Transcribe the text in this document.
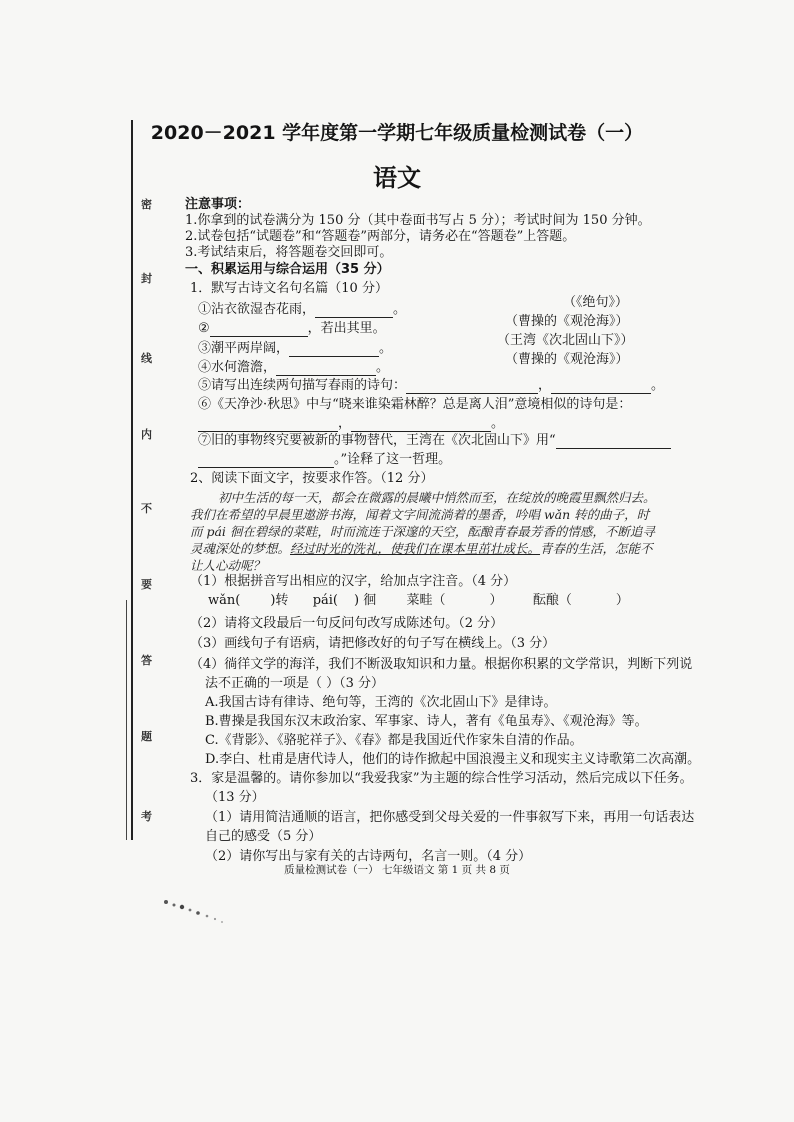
密
封
线
内
不
要
答
题
考
2020－2021 学年度第一学期七年级质量检测试卷（一）
语文
注意事项：
1.你拿到的试卷满分为 150 分（其中卷面书写占 5 分）；考试时间为 150 分钟。
2.试卷包括“试题卷”和“答题卷”两部分，请务必在“答题卷”上答题。
3.考试结束后，将答题卷交回即可。
一、积累运用与综合运用（35 分）
1．默写古诗文名句名篇（10 分）
①沾衣欲湿杏花雨，	。	（《绝句》）
②	，若出其里。	（曹操的《观沧海》）
③潮平两岸阔，	。
（王湾《次北固山下》）
④水何澹澹，	。
（曹操的《观沧海》）
⑤请写出连续两句描写春雨的诗句：	，	。
⑥《天净沙·秋思》中与“晓来谁染霜林醉？总是离人泪”意境相似的诗句是：
，	。
⑦旧的事物终究要被新的事物替代，王湾在《次北固山下》用“
。”诠释了这一哲理。
2、阅读下面文字，按要求作答。（12 分）
初中生活的每一天，都会在微露的晨曦中悄然而至，在绽放的晚霞里飘然归去。
我们在希望的早晨里遨游书海，闻着文字间流淌着的墨香，吟唱 wǎn 转的曲子，时
而 pái 徊在碧绿的菜畦，时而流连于深邃的天空，酝酿青春最芳香的情感，不断追寻
灵魂深处的梦想。经过时光的洗礼，使我们在课本里茁壮成长。青春的生活，怎能不
让人心动呢？
（1）根据拼音写出相应的汉字，给加点字注音。（4 分）
wǎn( )转 pái( ) 徊 菜畦（	） 酝酿（	）
（2）请将文段最后一句反问句改写成陈述句。（2 分）
（3）画线句子有语病，请把修改好的句子写在横线上。（3 分）
（4）徜徉文学的海洋，我们不断汲取知识和力量。根据你积累的文学常识，判断下列说
法不正确的一项是（ ）（3 分）
A.我国古诗有律诗、绝句等，王湾的《次北固山下》是律诗。
B.曹操是我国东汉末政治家、军事家、诗人，著有《龟虽寿》、《观沧海》等。
C.《背影》、《骆驼祥子》、《春》都是我国近代作家朱自清的作品。
D.李白、杜甫是唐代诗人，他们的诗作掀起中国浪漫主义和现实主义诗歌第二次高潮。
3．家是温馨的。请你参加以“我爱我家”为主题的综合性学习活动，然后完成以下任务。
（13 分）
（1）请用简洁通顺的语言，把你感受到父母关爱的一件事叙写下来，再用一句话表达
自己的感受（5 分）
（2）请你写出与家有关的古诗两句，名言一则。（4 分）
质量检测试卷（一） 七年级语文 第 1 页 共 8 页
